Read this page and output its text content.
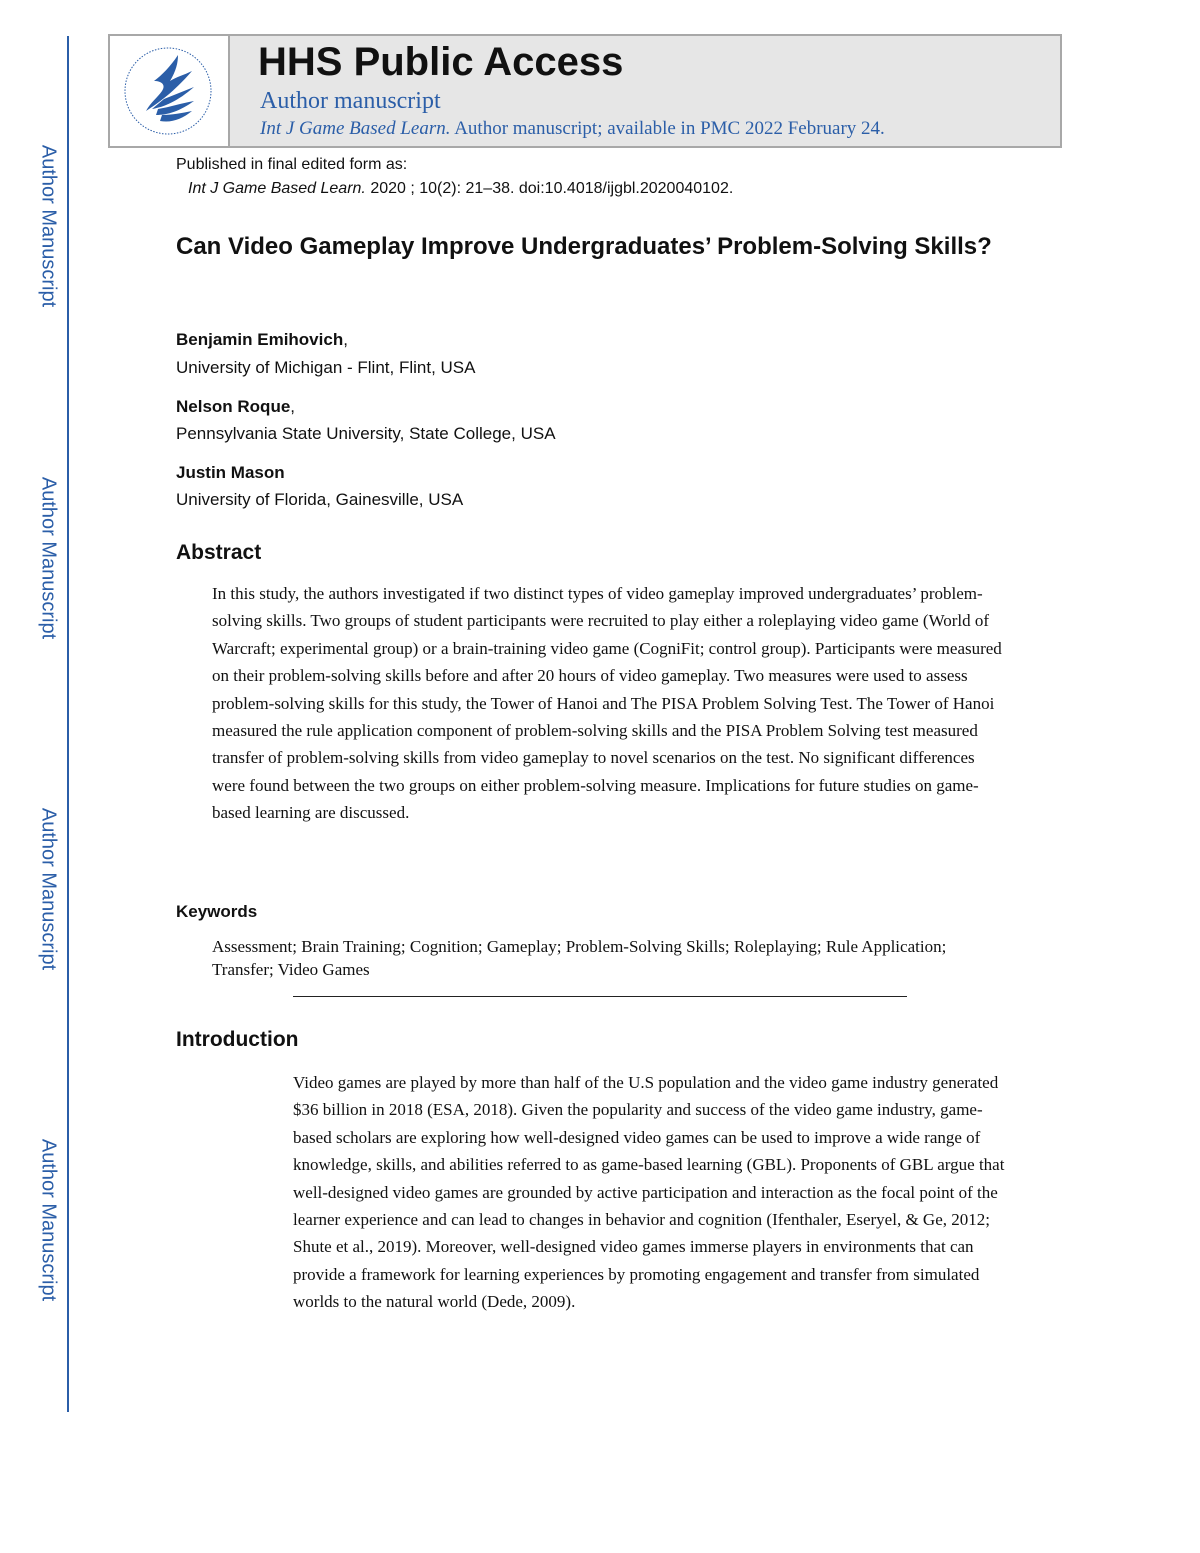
Author Manuscript
Author Manuscript
Author Manuscript
Author Manuscript
HHS Public Access
Author manuscript
Int J Game Based Learn. Author manuscript; available in PMC 2022 February 24.
Published in final edited form as:
Int J Game Based Learn. 2020 ; 10(2): 21–38. doi:10.4018/ijgbl.2020040102.
Can Video Gameplay Improve Undergraduates’ Problem-Solving Skills?
Benjamin Emihovich,
University of Michigan - Flint, Flint, USA
Nelson Roque,
Pennsylvania State University, State College, USA
Justin Mason
University of Florida, Gainesville, USA
Abstract

In this study, the authors investigated if two distinct types of video gameplay improved undergraduates’ problem-solving skills. Two groups of student participants were recruited to play either a roleplaying video game (World of Warcraft; experimental group) or a brain-training video game (CogniFit; control group). Participants were measured on their problem-solving skills before and after 20 hours of video gameplay. Two measures were used to assess problem-solving skills for this study, the Tower of Hanoi and The PISA Problem Solving Test. The Tower of Hanoi measured the rule application component of problem-solving skills and the PISA Problem Solving test measured transfer of problem-solving skills from video gameplay to novel scenarios on the test. No significant differences were found between the two groups on either problem-solving measure. Implications for future studies on game- based learning are discussed.

Keywords

Assessment; Brain Training; Cognition; Gameplay; Problem-Solving Skills; Roleplaying; Rule Application; Transfer; Video Games

Introduction

Video games are played by more than half of the U.S population and the video game industry generated $36 billion in 2018 (ESA, 2018). Given the popularity and success of the video game industry, game- based scholars are exploring how well-designed video games can be used to improve a wide range of knowledge, skills, and abilities referred to as game-based learning (GBL). Proponents of GBL argue that well-designed video games are grounded by active participation and interaction as the focal point of the learner experience and can lead to changes in behavior and cognition (Ifenthaler, Eseryel, & Ge, 2012; Shute et al., 2019). Moreover, well-designed video games immerse players in environments that can provide a framework for learning experiences by promoting engagement and transfer from simulated worlds to the natural world (Dede, 2009).
